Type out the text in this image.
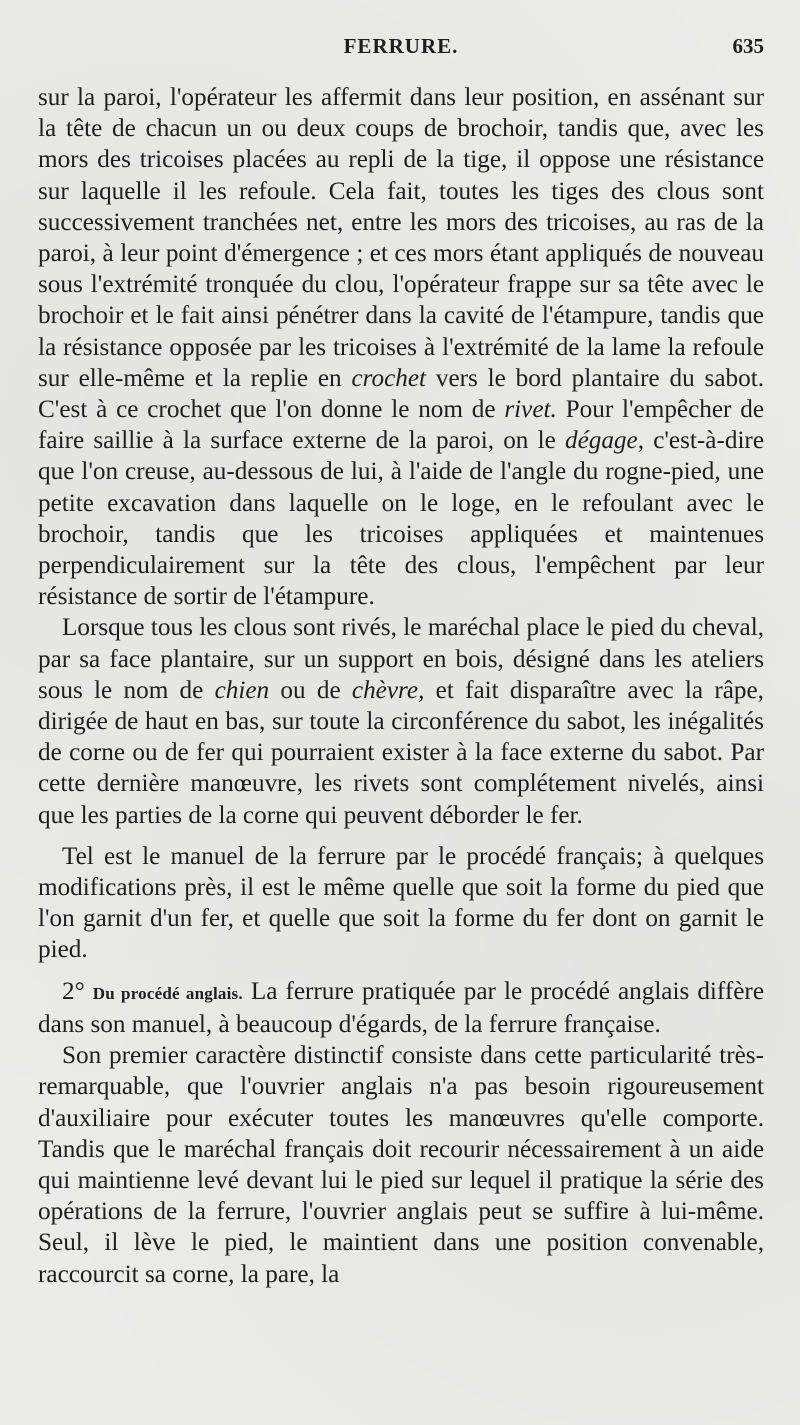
FERRURE.	635

sur la paroi, l'opérateur les affermit dans leur position, en assénant sur la tête de chacun un ou deux coups de brochoir, tandis que, avec les mors des tricoises placées au repli de la tige, il oppose une résistance sur laquelle il les refoule. Cela fait, toutes les tiges des clous sont successivement tranchées net, entre les mors des tricoises, au ras de la paroi, à leur point d'émergence ; et ces mors étant appliqués de nouveau sous l'extrémité tronquée du clou, l'opérateur frappe sur sa tête avec le brochoir et le fait ainsi pénétrer dans la cavité de l'étampure, tandis que la résistance opposée par les tricoises à l'extrémité de la lame la refoule sur elle-même et la replie en crochet vers le bord plantaire du sabot. C'est à ce crochet que l'on donne le nom de rivet. Pour l'empêcher de faire saillie à la surface externe de la paroi, on le dégage, c'est-à-dire que l'on creuse, au-dessous de lui, à l'aide de l'angle du rogne-pied, une petite excavation dans laquelle on le loge, en le refoulant avec le brochoir, tandis que les tricoises appliquées et maintenues perpendiculairement sur la tête des clous, l'empêchent par leur résistance de sortir de l'étampure.

Lorsque tous les clous sont rivés, le maréchal place le pied du cheval, par sa face plantaire, sur un support en bois, désigné dans les ateliers sous le nom de chien ou de chèvre, et fait disparaître avec la râpe, dirigée de haut en bas, sur toute la circonférence du sabot, les inégalités de corne ou de fer qui pourraient exister à la face externe du sabot. Par cette dernière manœuvre, les rivets sont complétement nivelés, ainsi que les parties de la corne qui peuvent déborder le fer.

Tel est le manuel de la ferrure par le procédé français; à quelques modifications près, il est le même quelle que soit la forme du pied que l'on garnit d'un fer, et quelle que soit la forme du fer dont on garnit le pied.

2° Du procédé anglais. La ferrure pratiquée par le procédé anglais diffère dans son manuel, à beaucoup d'égards, de la ferrure française.

Son premier caractère distinctif consiste dans cette particularité très-remarquable, que l'ouvrier anglais n'a pas besoin rigoureusement d'auxiliaire pour exécuter toutes les manœuvres qu'elle comporte. Tandis que le maréchal français doit recourir nécessairement à un aide qui maintienne levé devant lui le pied sur lequel il pratique la série des opérations de la ferrure, l'ouvrier anglais peut se suffire à lui-même. Seul, il lève le pied, le maintient dans une position convenable, raccourcit sa corne, la pare, la
